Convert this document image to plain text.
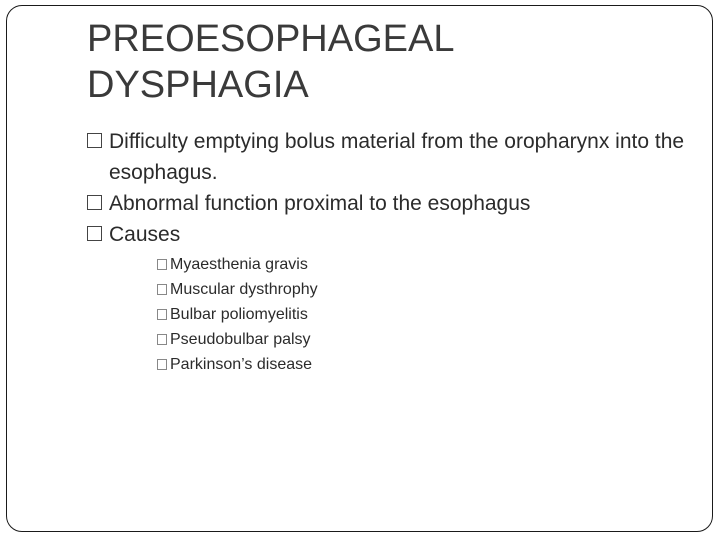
PREOESOPHAGEAL
DYSPHAGIA
Difficulty emptying bolus material from the oropharynx into the esophagus.
Abnormal function proximal to the esophagus
Causes
Myaesthenia gravis
Muscular dysthrophy
Bulbar poliomyelitis
Pseudobulbar palsy
Parkinson’s disease
